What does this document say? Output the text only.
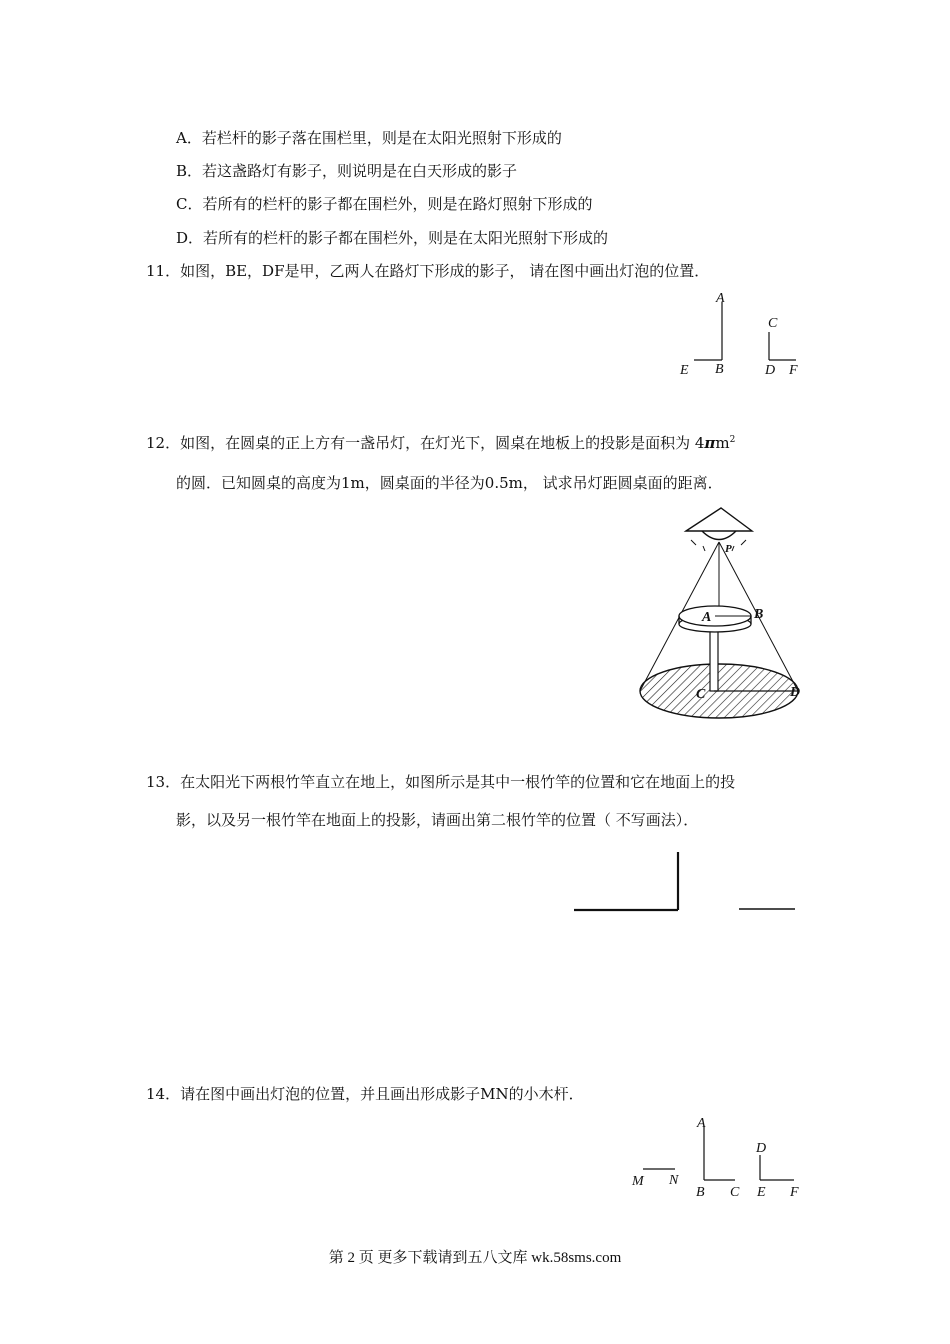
A．若栏杆的影子落在围栏里，则是在太阳光照射下形成的
B．若这盏路灯有影子，则说明是在白天形成的影子
C．若所有的栏杆的影子都在围栏外，则是在路灯照射下形成的
D．若所有的栏杆的影子都在围栏外，则是在太阳光照射下形成的
11．如图，BE，DF是甲，乙两人在路灯下形成的影子， 请在图中画出灯泡的位置．
A
E B
C
D F
12．如图，在圆桌的正上方有一盏吊灯，在灯光下，圆桌在地板上的投影是面积为 $4\pi m^2$
的圆．已知圆桌的高度为1m，圆桌面的半径为0.5m， 试求吊灯距圆桌面的距离．
P
A	B
C	D
13．在太阳光下两根竹竿直立在地上，如图所示是其中一根竹竿的位置和它在地面上的投
影，以及另一根竹竿在地面上的投影，请画出第二根竹竿的位置（ 不写画法）．
14．请在图中画出灯泡的位置，并且画出形成影子MN的小木杆．
M N
A
B C
D
E F
第 2 页 更多下载请到五八文库 wk.58sms.com
